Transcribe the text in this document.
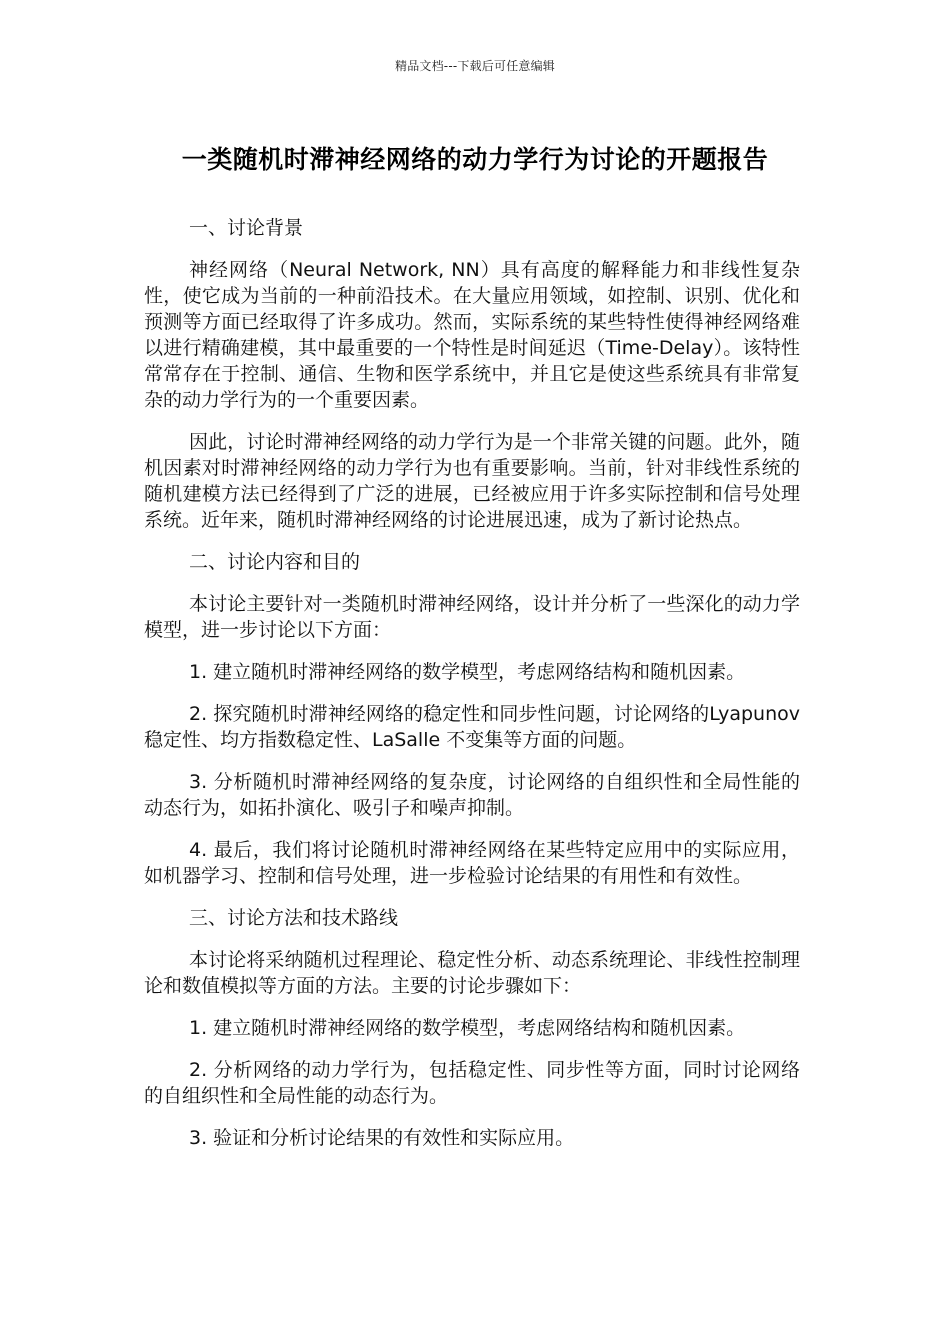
精品文档---下载后可任意编辑
一类随机时滞神经网络的动力学行为讨论的开题报告

一、讨论背景

神经网络（Neural Network, NN）具有高度的解释能力和非线性复杂性，使它成为当前的一种前沿技术。在大量应用领域，如控制、识别、优化和预测等方面已经取得了许多成功。然而，实际系统的某些特性使得神经网络难以进行精确建模，其中最重要的一个特性是时间延迟（Time-Delay）。该特性常常存在于控制、通信、生物和医学系统中，并且它是使这些系统具有非常复杂的动力学行为的一个重要因素。

因此，讨论时滞神经网络的动力学行为是一个非常关键的问题。此外，随机因素对时滞神经网络的动力学行为也有重要影响。当前，针对非线性系统的随机建模方法已经得到了广泛的进展，已经被应用于许多实际控制和信号处理系统。近年来，随机时滞神经网络的讨论进展迅速，成为了新讨论热点。

二、讨论内容和目的

本讨论主要针对一类随机时滞神经网络，设计并分析了一些深化的动力学模型，进一步讨论以下方面：

1. 建立随机时滞神经网络的数学模型，考虑网络结构和随机因素。

2. 探究随机时滞神经网络的稳定性和同步性问题，讨论网络的Lyapunov 稳定性、均方指数稳定性、LaSalle 不变集等方面的问题。

3. 分析随机时滞神经网络的复杂度，讨论网络的自组织性和全局性能的动态行为，如拓扑演化、吸引子和噪声抑制。

4. 最后，我们将讨论随机时滞神经网络在某些特定应用中的实际应用，如机器学习、控制和信号处理，进一步检验讨论结果的有用性和有效性。

三、讨论方法和技术路线

本讨论将采纳随机过程理论、稳定性分析、动态系统理论、非线性控制理论和数值模拟等方面的方法。主要的讨论步骤如下：

1. 建立随机时滞神经网络的数学模型，考虑网络结构和随机因素。

2. 分析网络的动力学行为，包括稳定性、同步性等方面，同时讨论网络的自组织性和全局性能的动态行为。

3. 验证和分析讨论结果的有效性和实际应用。
